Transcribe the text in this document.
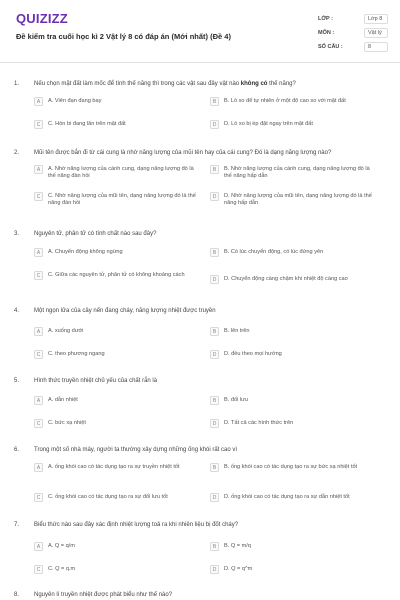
QUIZIZZ
Đề kiểm tra cuối học kì 2 Vật lý 8 có đáp án (Mới nhất) (Đề 4)
LỚP :	Lớp 8
MÔN :	Vật lý
SỐ CÂU :	8
1.	Nếu chọn mặt đất làm mốc để tính thế năng thì trong các vật sau đây vật nào không có thế năng?
A	A. Viên đạn đang bay	B	B. Lò xo để tự nhiên ở một độ cao so với mặt đất
C	C. Hòn bi đang lăn trên mặt đất	D	D. Lò xo bị ép đặt ngay trên mặt đất
2.	Mũi tên được bắn đi từ cái cung là nhờ năng lượng của mũi tên hay của cái cung? Đó là dạng năng lượng nào?
A	A. Nhờ năng lượng của cánh cung, dạng năng lượng đó là thế năng đàn hồi
B	B. Nhờ năng lượng của cánh cung, dạng năng lượng đó là thế năng hấp dẫn
C	C. Nhờ năng lượng của mũi tên, dạng năng lượng đó là thế năng đàn hồi
D	D. Nhờ năng lượng của mũi tên, dạng năng lượng đó là thế năng hấp dẫn
3.	Nguyên tử, phân tử có tính chất nào sau đây?
A	A. Chuyển động không ngừng	B	B. Có lúc chuyển động, có lúc đứng yên
C	C. Giữa các nguyên tử, phân tử có không khoảng cách
D	D. Chuyển động càng chậm khi nhiệt độ càng cao
4.	Một ngọn lửa của cây nến đang cháy, năng lượng nhiệt được truyền
A	A. xuống dưới	B	B. lên trên
C	C. theo phương ngang	D	D. đều theo mọi hướng
5.	Hình thức truyền nhiệt chủ yếu của chất rắn là
A	A. dẫn nhiệt	B	B. đối lưu
C	C. bức xạ nhiệt	D	D. Tất cả các hình thức trên
6.	Trong một số nhà máy, người ta thường xây dựng những ống khói rất cao vì
A	A. ống khói cao có tác dụng tạo ra sự truyền nhiệt tốt	B	B. ống khói cao có tác dụng tạo ra sự bức xạ nhiệt tốt
C	C. ống khói cao có tác dụng tạo ra sự đối lưu tốt	D	D. ống khói cao có tác dụng tạo ra sự dẫn nhiệt tốt
7.	Biểu thức nào sau đây xác định nhiệt lượng toả ra khi nhiên liệu bị đốt cháy?
A	A. Q = q/m	B	B. Q = m/q
C	C. Q = q.m	D	D. Q = q^m
8.	Nguyên lí truyền nhiệt được phát biểu như thế nào?
